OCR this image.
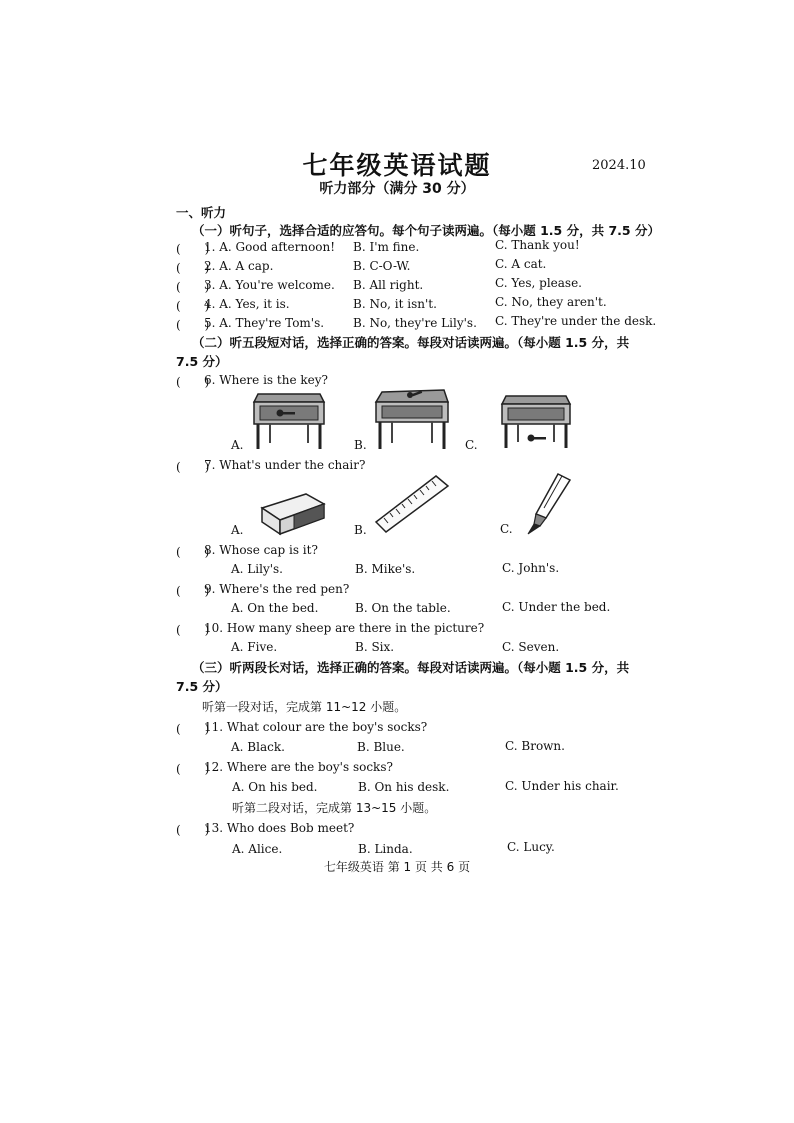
七年级英语试题	2024.10
听力部分（满分 30 分）
一、听力
（一）听句子，选择合适的应答句。每个句子读两遍。（每小题 1.5 分，共 7.5 分）
(　　)
1. A. Good afternoon! B. I'm fine.	C. Thank you!
(　　)
2. A. A cap.	B. C-O-W.	C. A cat.
(　　)
3. A. You're welcome. B. All right.	C. Yes, please.
(　　)
4. A. Yes, it is.	B. No, it isn't.	C. No, they aren't.
(　　)
5. A. They're Tom's. B. No, they're Lily's. C. They're under the desk.
（二）听五段短对话，选择正确的答案。每段对话读两遍。（每小题 1.5 分，共
7.5 分）
(　　)
6. Where is the key?
A.	B.	C.
(　　)
7. What's under the chair?
A.	B.	C.
(　　)
8. Whose cap is it?
A. Lily's.	B. Mike's.	C. John's.
(　　)
9. Where's the red pen?
A. On the bed.	B. On the table.	C. Under the bed.
(　　)
10. How many sheep are there in the picture?
A. Five.	B. Six.	C. Seven.
（三）听两段长对话，选择正确的答案。每段对话读两遍。（每小题 1.5 分，共
7.5 分）
听第一段对话，完成第 11~12 小题。
(　　)
11. What colour are the boy's socks?
A. Black.	B. Blue.	C. Brown.
(　　)
12. Where are the boy's socks?
A. On his bed.	B. On his desk.	C. Under his chair.
听第二段对话，完成第 13~15 小题。
(　　)
13. Who does Bob meet?
A. Alice.	B. Linda.	C. Lucy.
七年级英语 第 1 页 共 6 页
